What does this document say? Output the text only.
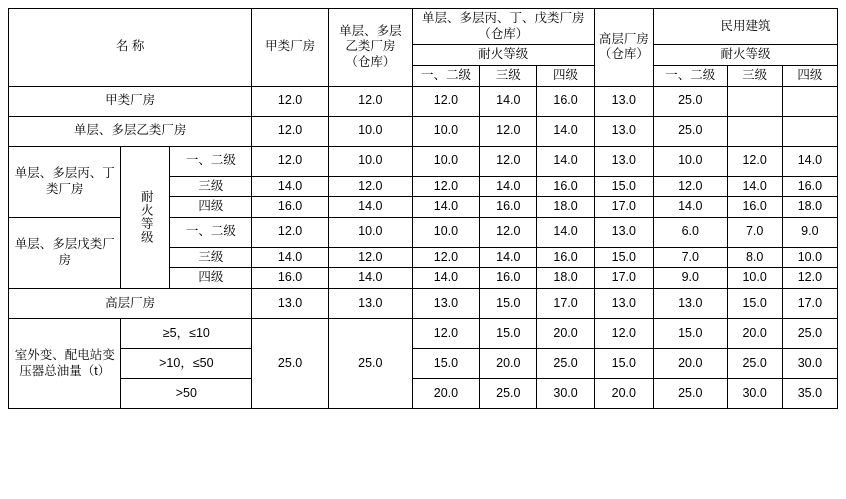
名 称			甲类厂房	单层、多层乙类厂房（仓库）	单层、多层丙、丁、戊类厂房（仓库）			高层厂房（仓库）	民用建筑		
					耐火等级				耐火等级		
					一、二级	三级	四级		一、二级	三级	四级
甲类厂房			12.0	12.0	12.0	14.0	16.0	13.0	25.0		
单层、多层乙类厂房			12.0	10.0	10.0	12.0	14.0	13.0	25.0		
单层、多层丙、丁类厂房	耐火等级	一、二级	12.0	10.0	10.0	12.0	14.0	13.0	10.0	12.0	14.0
		三级	14.0	12.0	12.0	14.0	16.0	15.0	12.0	14.0	16.0
		四级	16.0	14.0	14.0	16.0	18.0	17.0	14.0	16.0	18.0
单层、多层戊类厂房		一、二级	12.0	10.0	10.0	12.0	14.0	13.0	6.0	7.0	9.0
		三级	14.0	12.0	12.0	14.0	16.0	15.0	7.0	8.0	10.0
		四级	16.0	14.0	14.0	16.0	18.0	17.0	9.0	10.0	12.0
高层厂房			13.0	13.0	13.0	15.0	17.0	13.0	13.0	15.0	17.0
室外变、配电站变压器总油量（t）	≥5，≤10		25.0	25.0	12.0	15.0	20.0	12.0	15.0	20.0	25.0
	>10，≤50				15.0	20.0	25.0	15.0	20.0	25.0	30.0
	>50				20.0	25.0	30.0	20.0	25.0	30.0	35.0
